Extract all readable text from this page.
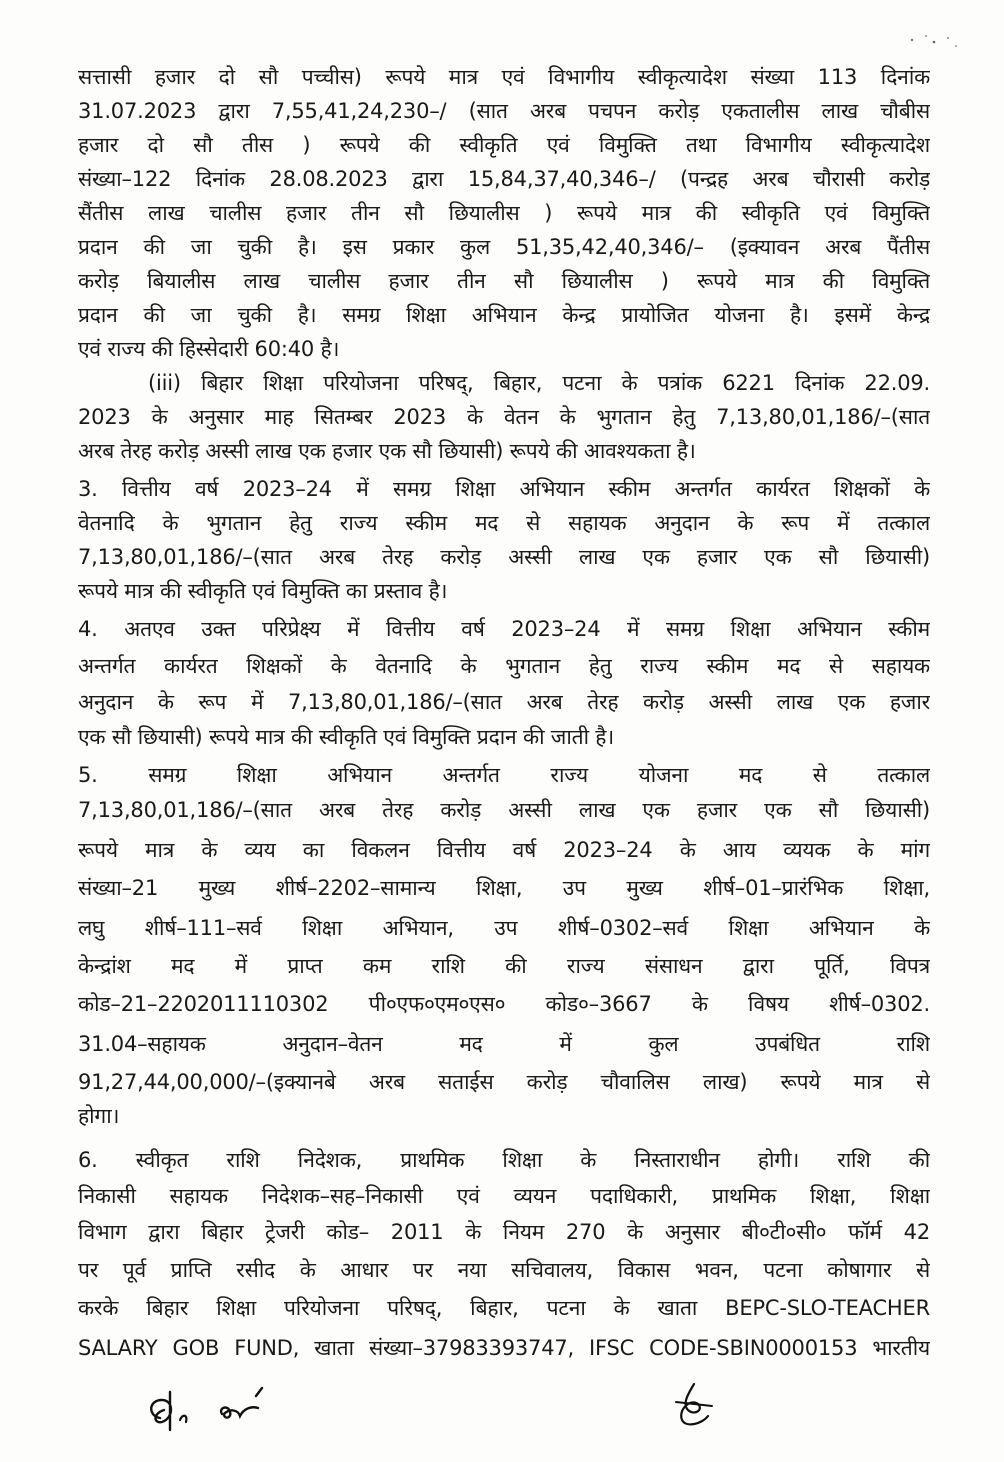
सत्तासी हजार दो सौ पच्चीस) रूपये मात्र एवं विभागीय स्वीकृत्यादेश संख्या 113 दिनांक
31.07.2023 द्वारा 7,55,41,24,230–/ (सात अरब पचपन करोड़ एकतालीस लाख चौबीस
हजार दो सौ तीस ) रूपये की स्वीकृति एवं विमुक्ति तथा विभागीय स्वीकृत्यादेश
संख्या–122 दिनांक 28.08.2023 द्वारा 15,84,37,40,346–/ (पन्द्रह अरब चौरासी करोड़
सैंतीस लाख चालीस हजार तीन सौ छियालीस ) रूपये मात्र की स्वीकृति एवं विमुक्ति
प्रदान की जा चुकी है। इस प्रकार कुल 51,35,42,40,346/– (इक्यावन अरब पैंतीस
करोड़ बियालीस लाख चालीस हजार तीन सौ छियालीस ) रूपये मात्र की विमुक्ति
प्रदान की जा चुकी है। समग्र शिक्षा अभियान केन्द्र प्रायोजित योजना है। इसमें केन्द्र
एवं राज्य की हिस्सेदारी 60:40 है।
(iii) बिहार शिक्षा परियोजना परिषद्, बिहार, पटना के पत्रांक 6221 दिनांक 22.09.
2023 के अनुसार माह सितम्बर 2023 के वेतन के भुगतान हेतु 7,13,80,01,186/–(सात
अरब तेरह करोड़ अस्सी लाख एक हजार एक सौ छियासी) रूपये की आवश्यकता है।
3. वित्तीय वर्ष 2023–24 में समग्र शिक्षा अभियान स्कीम अन्तर्गत कार्यरत शिक्षकों के
वेतनादि के भुगतान हेतु राज्य स्कीम मद से सहायक अनुदान के रूप में तत्काल
7,13,80,01,186/–(सात अरब तेरह करोड़ अस्सी लाख एक हजार एक सौ छियासी)
रूपये मात्र की स्वीकृति एवं विमुक्ति का प्रस्ताव है।
4. अतएव उक्त परिप्रेक्ष्य में वित्तीय वर्ष 2023–24 में समग्र शिक्षा अभियान स्कीम
अन्तर्गत कार्यरत शिक्षकों के वेतनादि के भुगतान हेतु राज्य स्कीम मद से सहायक
अनुदान के रूप में 7,13,80,01,186/–(सात अरब तेरह करोड़ अस्सी लाख एक हजार
एक सौ छियासी) रूपये मात्र की स्वीकृति एवं विमुक्ति प्रदान की जाती है।
5. समग्र शिक्षा अभियान अन्तर्गत राज्य योजना मद से तत्काल
7,13,80,01,186/–(सात अरब तेरह करोड़ अस्सी लाख एक हजार एक सौ छियासी)
रूपये मात्र के व्यय का विकलन वित्तीय वर्ष 2023–24 के आय व्ययक के मांग
संख्या–21 मुख्य शीर्ष–2202–सामान्य शिक्षा, उप मुख्य शीर्ष–01–प्रारंभिक शिक्षा,
लघु शीर्ष–111–सर्व शिक्षा अभियान, उप शीर्ष–0302–सर्व शिक्षा अभियान के
केन्द्रांश मद में प्राप्त कम राशि की राज्य संसाधन द्वारा पूर्ति, विपत्र
कोड–21–2202011110302 पी०एफ०एम०एस० कोड०–3667 के विषय शीर्ष–0302.
31.04–सहायक अनुदान–वेतन मद में कुल उपबंधित राशि
91,27,44,00,000/–(इक्यानबे अरब सताईस करोड़ चौवालिस लाख) रूपये मात्र से
होगा।
6. स्वीकृत राशि निदेशक, प्राथमिक शिक्षा के निस्ताराधीन होगी। राशि की
निकासी सहायक निदेशक–सह–निकासी एवं व्ययन पदाधिकारी, प्राथमिक शिक्षा, शिक्षा
विभाग द्वारा बिहार ट्रेजरी कोड– 2011 के नियम 270 के अनुसार बी०टी०सी० फॉर्म 42
पर पूर्व प्राप्ति रसीद के आधार पर नया सचिवालय, विकास भवन, पटना कोषागार से
करके बिहार शिक्षा परियोजना परिषद्, बिहार, पटना के खाता BEPC-SLO-TEACHER
SALARY GOB FUND, खाता संख्या–37983393747, IFSC CODE-SBIN0000153 भारतीय
